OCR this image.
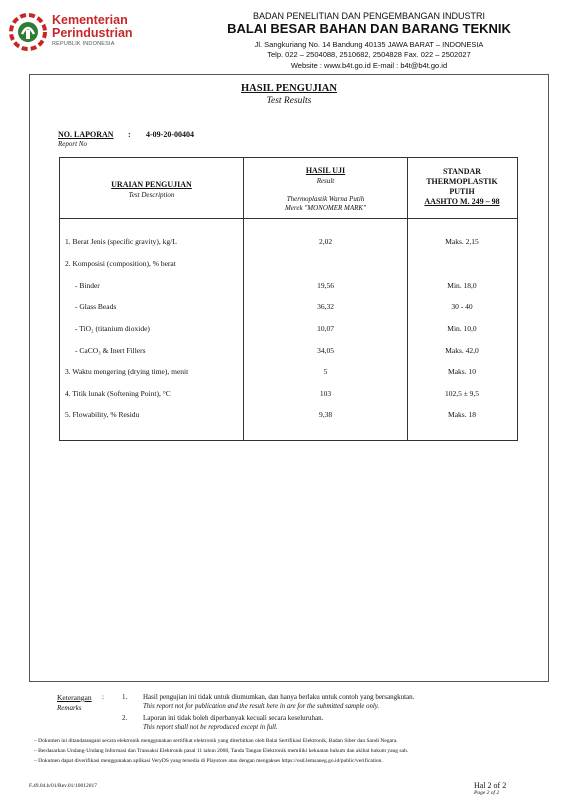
Kementerian
Perindustrian
REPUBLIK INDONESIA
BADAN PENELITIAN DAN PENGEMBANGAN INDUSTRI
BALAI BESAR BAHAN DAN BARANG TEKNIK
Jl. Sangkuriang No. 14 Bandung 40135 JAWA BARAT – INDONESIA
Telp. 022 – 2504088, 2510682, 2504828 Fax. 022 – 2502027
Website : www.b4t.go.id E-mail : b4t@b4t.go.id
HASIL PENGUJIAN
Test Results
NO. LAPORAN : 4-09-20-00404
Report No
URAIAN PENGUJIAN
Test Description
HASIL UJI
Result
Thermoplastik Warna Putih
Merek "MONOMER MARK"
STANDAR
THERMOPLASTIK
PUTIH
AASHTO M. 249 – 98
1. Berat Jenis (specific gravity), kg/L	2,02	Maks. 2,15
2. Komposisi (composition), % berat
- Binder	19,56	Min. 18,0
- Glass Beads	36,32	30 - 40
- TiO₂ (titanium dioxide)	10,07	Min. 10,0
- CaCO₃ & Inert Fillers	34,05	Maks. 42,0
3. Waktu mengering (drying time), menit	5	Maks. 10
4. Titik lunak (Softening Point), °C	103	102,5 ± 9,5
5. Flowability, % Residu	9,38	Maks. 18
Keterangan :
Remarks
1. Hasil pengujian ini tidak untuk diumumkan, dan hanya berlaku untuk contoh yang bersangkutan.
This report not for publication and the result here in are for the submitted sample only.
2. Laporan ini tidak boleh diperbanyak kecuali secara keseluruhan.
This report shall not be reproduced except in full.
– Dokumen ini ditandatangani secara elektronik menggunakan sertifikat elektronik yang diterbitkan oleh Balai Sertifikasi Elektronik, Badan Siber dan Sandi Negara.
– Berdasarkan Undang-Undang Informasi dan Transaksi Elektronik pasal 11 tahun 2008, Tanda Tangan Elektronik memiliki kekuatan hukum dan akibat hukum yang sah.
– Dokumen dapat diverifikasi menggunakan aplikasi VeryDS yang tersedia di Playstore atau dengan mengakses https://osd.lemsaneg.go.id/public/verification.
F.49.04.b/01/Rev.01/10012017	Hal 2 of 2
Page 2 of 2
